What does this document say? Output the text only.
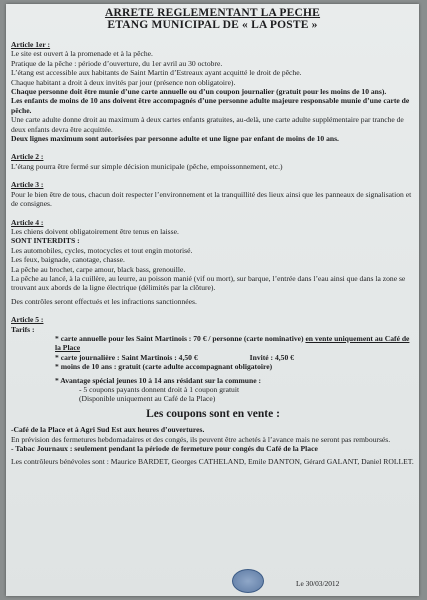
ARRETE REGLEMENTANT LA PECHE
ETANG MUNICIPAL DE « LA POSTE »
Article 1er :

Le site est ouvert à la promenade et à la pêche.

Pratique de la pêche : période d’ouverture, du 1er avril au 30 octobre.

L’étang est accessible aux habitants de Saint Martin d’Estreaux ayant acquitté le droit de pêche.

Chaque habitant a droit à deux invités par jour (présence non obligatoire).

Chaque personne doit être munie d’une carte annuelle ou d’un coupon journalier (gratuit pour les moins de 10 ans).

Les enfants de moins de 10 ans doivent être accompagnés d’une personne adulte majeure responsable munie d’une carte de pêche.

Une carte adulte donne droit au maximum à deux cartes enfants gratuites, au-delà, une carte adulte supplémentaire par tranche de deux enfants devra être acquittée.

Deux lignes maximum sont autorisées par personne adulte et une ligne par enfant de moins de 10 ans.

Article 2 :

L’étang pourra être fermé sur simple décision municipale (pêche, empoissonnement, etc.)

Article 3 :

Pour le bien être de tous, chacun doit respecter l’environnement et la tranquillité des lieux ainsi que les panneaux de signalisation et de consignes.

Article 4 :

Les chiens doivent obligatoirement être tenus en laisse.

SONT INTERDITS :

Les automobiles, cycles, motocycles et tout engin motorisé.

Les feux, baignade, canotage, chasse.

La pêche au brochet, carpe amour, black bass, grenouille.

La pêche au lancé, à la cuillère, au leurre, au poisson manié (vif ou mort), sur barque, l’entrée dans l’eau ainsi que dans la zone se trouvant aux abords de la ligne électrique (délimités par la clôture).

Des contrôles seront effectués et les infractions sanctionnées.

Article 5 :

Tarifs :

* carte annuelle pour les Saint Martinois : 70 € / personne (carte nominative) en vente uniquement au Café de la Place

* carte journalière : Saint Martinois : 4,50 €	Invité : 4,50 €

* moins de 10 ans : gratuit (carte adulte accompagnant obligatoire)

* Avantage spécial jeunes 10 à 14 ans résidant sur la commune :

- 5 coupons payants donnent droit à 1 coupon gratuit

(Disponible uniquement au Café de la Place)

Les coupons sont en vente :

-Café de la Place et à Agri Sud Est aux heures d’ouvertures.

En prévision des fermetures hebdomadaires et des congés, ils peuvent être achetés à l’avance mais ne seront pas remboursés.

- Tabac Journaux : seulement pendant la période de fermeture pour congés du Café de la Place

Les contrôleurs bénévoles sont : Maurice BARDET, Georges CATHELAND, Emile DANTON, Gérard GALANT, Daniel ROLLET.

Le 30/03/2012
